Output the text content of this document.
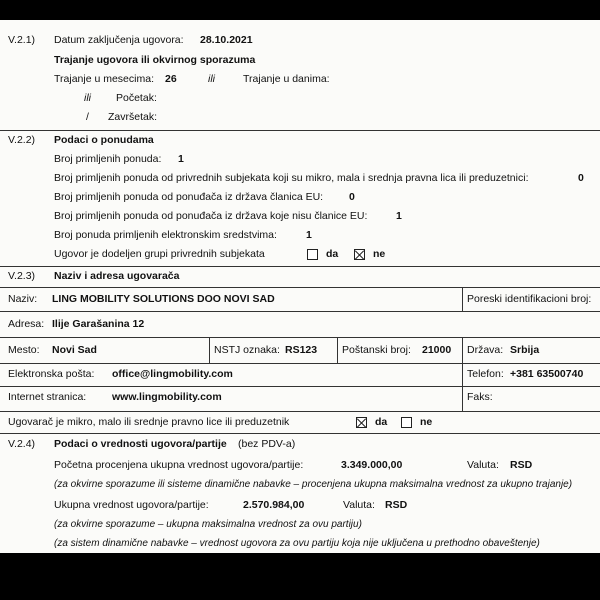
V.2.1) Datum zaključenja ugovora: 28.10.2021
Trajanje ugovora ili okvirnog sporazuma
Trajanje u mesecima: 26	ili	Trajanje u danima:
ili Početak:
/ Završetak:
V.2.2) Podaci o ponudama
Broj primljenih ponuda: 1
Broj primljenih ponuda od privrednih subjekata koji su mikro, mala i srednja pravna lica ili preduzetnici:	0
Broj primljenih ponuda od ponuđača iz država članica EU: 0
Broj primljenih ponuda od ponuđača iz država koje nisu članice EU:	1
Broj ponuda primljenih elektronskim sredstvima:	1
Ugovor je dodeljen grupi privrednih subjekata	da	ne
V.2.3) Naziv i adresa ugovarača
Naziv: LING MOBILITY SOLUTIONS DOO NOVI SAD	Poreski identifikacioni broj:
Adresa: Ilije Garašanina 12
Mesto: Novi Sad	NSTJ oznaka: RS123 Poštanski broj: 21000 Država: Srbija
Elektronska pošta: office@lingmobility.com	Telefon: +381 63500740
Internet stranica: www.lingmobility.com	Faks:
Ugovarač je mikro, malo ili srednje pravno lice ili preduzetnik	da	ne
V.2.4) Podaci o vrednosti ugovora/partije (bez PDV-a)
Početna procenjena ukupna vrednost ugovora/partije:	3.349.000,00	Valuta: RSD
(za okvirne sporazume ili sisteme dinamične nabavke – procenjena ukupna maksimalna vrednost za ukupno trajanje)
Ukupna vrednost ugovora/partije:	2.570.984,00	Valuta: RSD
(za okvirne sporazume – ukupna maksimalna vrednost za ovu partiju)
(za sistem dinamične nabavke – vrednost ugovora za ovu partiju koja nije uključena u prethodno obaveštenje)
